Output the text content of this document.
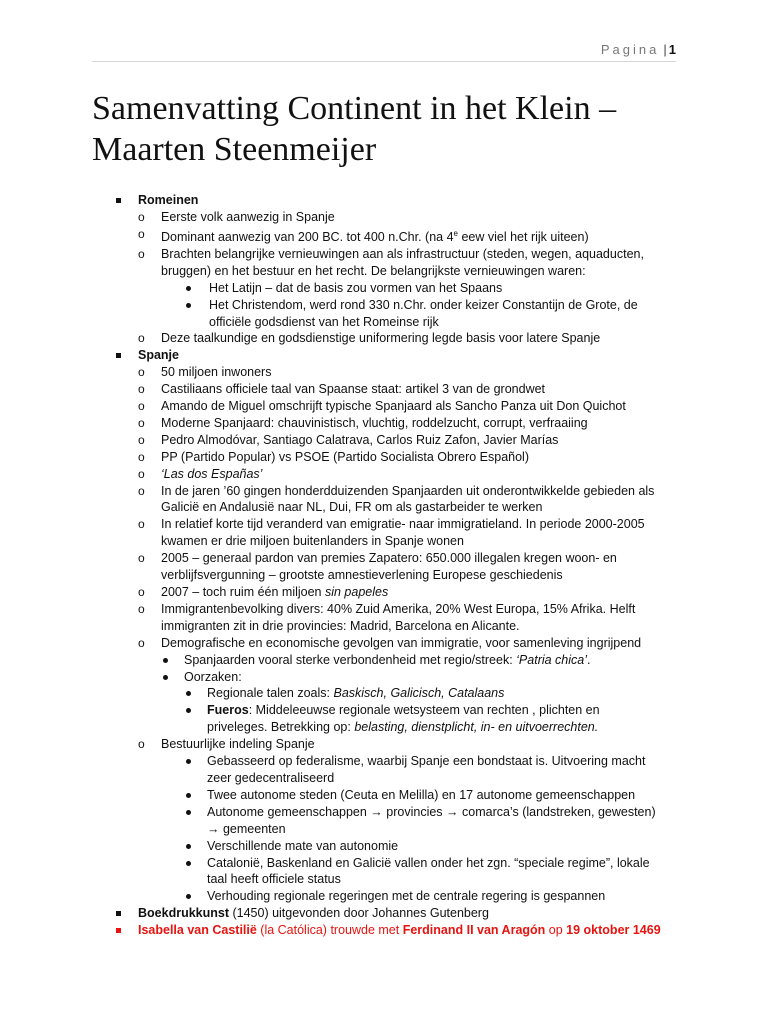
Pagina | 1
Samenvatting Continent in het Klein –
Maarten Steenmeijer
Romeinen
o Eerste volk aanwezig in Spanje
o Dominant aanwezig van 200 BC. tot 400 n.Chr. (na 4e eew viel het rijk uiteen)
o Brachten belangrijke vernieuwingen aan als infrastructuur (steden, wegen, aquaducten,
bruggen) en het bestuur en het recht. De belangrijkste vernieuwingen waren:
Het Latijn – dat de basis zou vormen van het Spaans
Het Christendom, werd rond 330 n.Chr. onder keizer Constantijn de Grote, de
officiële godsdienst van het Romeinse rijk
o Deze taalkundige en godsdienstige uniformering legde basis voor latere Spanje
Spanje
o 50 miljoen inwoners
o Castiliaans officiele taal van Spaanse staat: artikel 3 van de grondwet
o Amando de Miguel omschrijft typische Spanjaard als Sancho Panza uit Don Quichot
o Moderne Spanjaard: chauvinistisch, vluchtig, roddelzucht, corrupt, verfraaiing
o Pedro Almodóvar, Santiago Calatrava, Carlos Ruiz Zafon, Javier Marías
o PP (Partido Popular) vs PSOE (Partido Socialista Obrero Español)
o ‘Las dos Españas’
o In de jaren ’60 gingen honderdduizenden Spanjaarden uit onderontwikkelde gebieden als
Galicië en Andalusië naar NL, Dui, FR om als gastarbeider te werken
o In relatief korte tijd veranderd van emigratie- naar immigratieland. In periode 2000-2005
kwamen er drie miljoen buitenlanders in Spanje wonen
o 2005 – generaal pardon van premies Zapatero: 650.000 illegalen kregen woon- en
verblijfsvergunning – grootste amnestieverlening Europese geschiedenis
o 2007 – toch ruim één miljoen sin papeles
o Immigrantenbevolking divers: 40% Zuid Amerika, 20% West Europa, 15% Afrika. Helft
immigranten zit in drie provincies: Madrid, Barcelona en Alicante.
o Demografische en economische gevolgen van immigratie, voor samenleving ingrijpend
Spanjaarden vooral sterke verbondenheid met regio/streek: ‘Patria chica’.
Oorzaken:
Regionale talen zoals: Baskisch, Galicisch, Catalaans
Fueros: Middeleeuwse regionale wetsysteem van rechten , plichten en
priveleges. Betrekking op: belasting, dienstplicht, in- en uitvoerrechten.
o Bestuurlijke indeling Spanje
Gebasseerd op federalisme, waarbij Spanje een bondstaat is. Uitvoering macht
zeer gedecentraliseerd
Twee autonome steden (Ceuta en Melilla) en 17 autonome gemeenschappen
Autonome gemeenschappen → provincies → comarca’s (landstreken, gewesten)
→ gemeenten
Verschillende mate van autonomie
Catalonië, Baskenland en Galicië vallen onder het zgn. “speciale regime”, lokale
taal heeft officiele status
Verhouding regionale regeringen met de centrale regering is gespannen
Boekdrukkunst (1450) uitgevonden door Johannes Gutenberg
Isabella van Castilië (la Católica) trouwde met Ferdinand II van Aragón op 19 oktober 1469
